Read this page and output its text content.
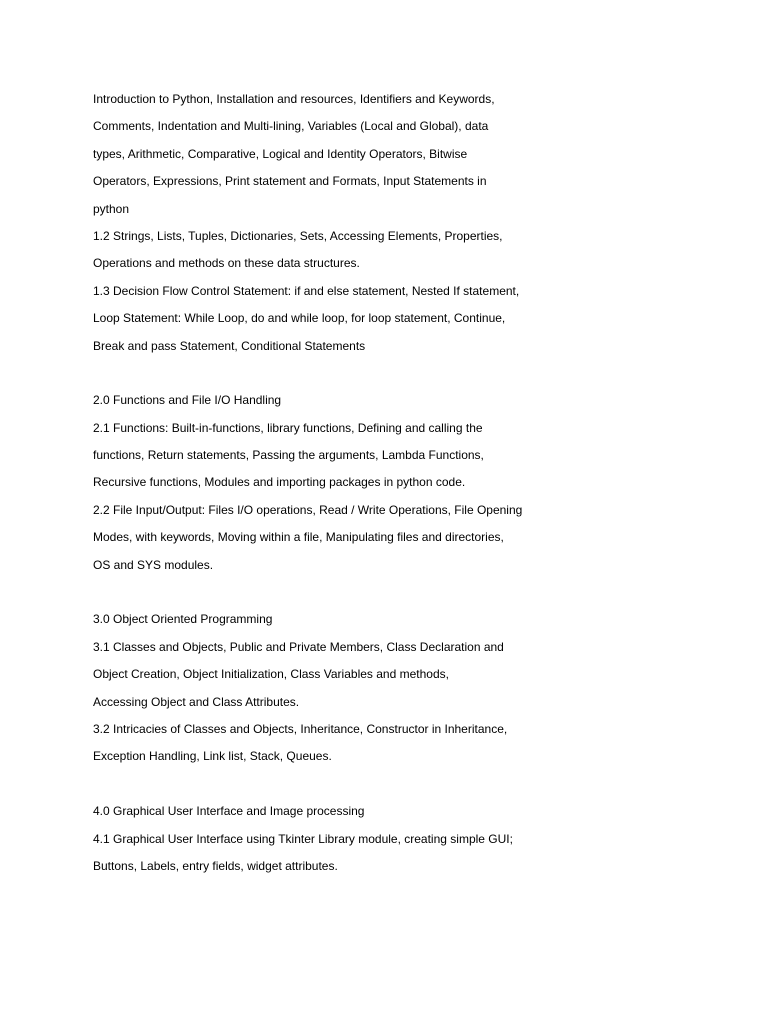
Introduction to Python, Installation and resources, Identifiers and Keywords,
Comments, Indentation and Multi-lining, Variables (Local and Global), data
types, Arithmetic, Comparative, Logical and Identity Operators, Bitwise
Operators, Expressions, Print statement and Formats, Input Statements in
python
1.2 Strings, Lists, Tuples, Dictionaries, Sets, Accessing Elements, Properties,
Operations and methods on these data structures.
1.3 Decision Flow Control Statement: if and else statement, Nested If statement,
Loop Statement: While Loop, do and while loop, for loop statement, Continue,
Break and pass Statement, Conditional Statements
2.0 Functions and File I/O Handling
2.1 Functions: Built-in-functions, library functions, Defining and calling the
functions, Return statements, Passing the arguments, Lambda Functions,
Recursive functions, Modules and importing packages in python code.
2.2 File Input/Output: Files I/O operations, Read / Write Operations, File Opening
Modes, with keywords, Moving within a file, Manipulating files and directories,
OS and SYS modules.
3.0 Object Oriented Programming
3.1 Classes and Objects, Public and Private Members, Class Declaration and
Object Creation, Object Initialization, Class Variables and methods,
Accessing Object and Class Attributes.
3.2 Intricacies of Classes and Objects, Inheritance, Constructor in Inheritance,
Exception Handling, Link list, Stack, Queues.
4.0 Graphical User Interface and Image processing
4.1 Graphical User Interface using Tkinter Library module, creating simple GUI;
Buttons, Labels, entry fields, widget attributes.
